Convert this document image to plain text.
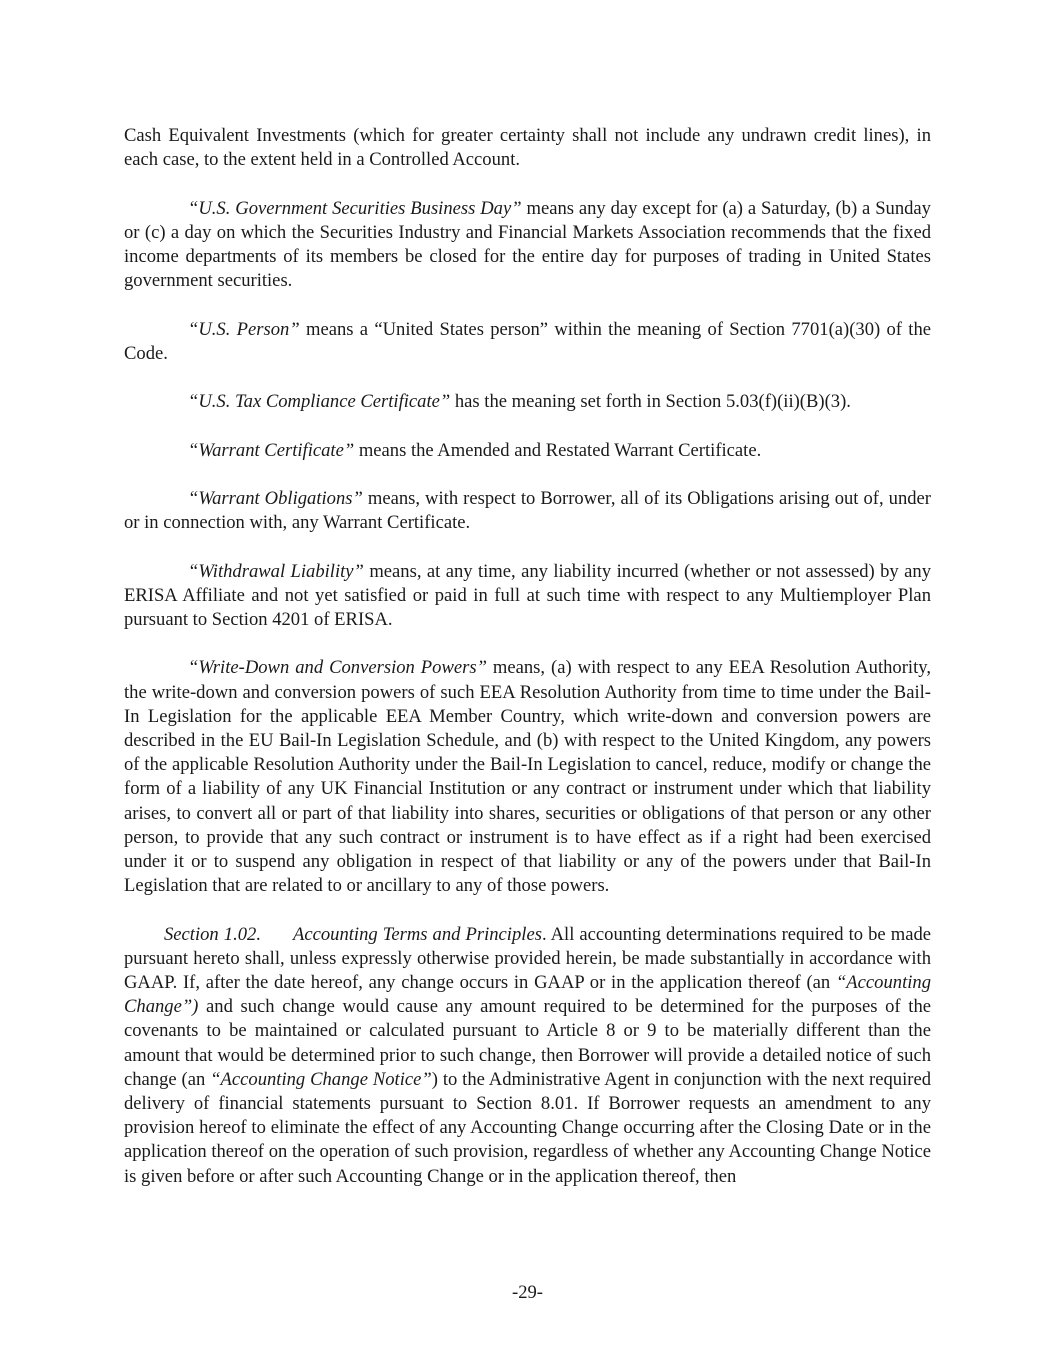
Cash Equivalent Investments (which for greater certainty shall not include any undrawn credit lines), in each case, to the extent held in a Controlled Account.

“U.S. Government Securities Business Day” means any day except for (a) a Saturday, (b) a Sunday or (c) a day on which the Securities Industry and Financial Markets Association recommends that the fixed income departments of its members be closed for the entire day for purposes of trading in United States government securities.

“U.S. Person” means a “United States person” within the meaning of Section 7701(a)(30) of the Code.

“U.S. Tax Compliance Certificate” has the meaning set forth in Section 5.03(f)(ii)(B)(3).

“Warrant Certificate” means the Amended and Restated Warrant Certificate.

“Warrant Obligations” means, with respect to Borrower, all of its Obligations arising out of, under or in connection with, any Warrant Certificate.

“Withdrawal Liability” means, at any time, any liability incurred (whether or not assessed) by any ERISA Affiliate and not yet satisfied or paid in full at such time with respect to any Multiemployer Plan pursuant to Section 4201 of ERISA.

“Write-Down and Conversion Powers” means, (a) with respect to any EEA Resolution Authority, the write-down and conversion powers of such EEA Resolution Authority from time to time under the Bail-In Legislation for the applicable EEA Member Country, which write-down and conversion powers are described in the EU Bail-In Legislation Schedule, and (b) with respect to the United Kingdom, any powers of the applicable Resolution Authority under the Bail-In Legislation to cancel, reduce, modify or change the form of a liability of any UK Financial Institution or any contract or instrument under which that liability arises, to convert all or part of that liability into shares, securities or obligations of that person or any other person, to provide that any such contract or instrument is to have effect as if a right had been exercised under it or to suspend any obligation in respect of that liability or any of the powers under that Bail-In Legislation that are related to or ancillary to any of those powers.

Section 1.02. Accounting Terms and Principles. All accounting determinations required to be made pursuant hereto shall, unless expressly otherwise provided herein, be made substantially in accordance with GAAP. If, after the date hereof, any change occurs in GAAP or in the application thereof (an “Accounting Change”) and such change would cause any amount required to be determined for the purposes of the covenants to be maintained or calculated pursuant to Article 8 or 9 to be materially different than the amount that would be determined prior to such change, then Borrower will provide a detailed notice of such change (an “Accounting Change Notice”) to the Administrative Agent in conjunction with the next required delivery of financial statements pursuant to Section 8.01. If Borrower requests an amendment to any provision hereof to eliminate the effect of any Accounting Change occurring after the Closing Date or in the application thereof on the operation of such provision, regardless of whether any Accounting Change Notice is given before or after such Accounting Change or in the application thereof, then

-29-
